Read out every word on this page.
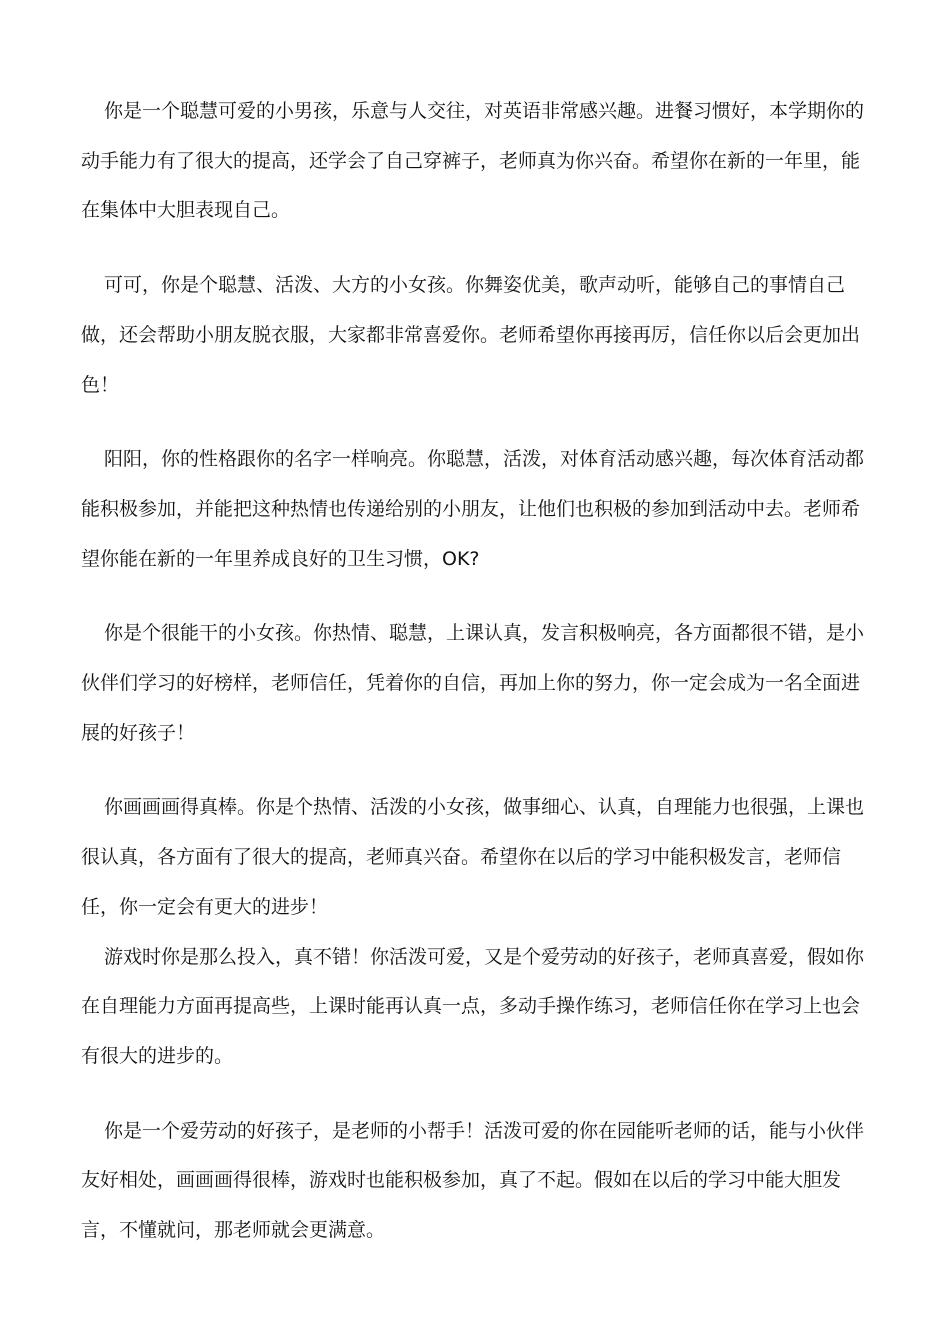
你是一个聪慧可爱的小男孩，乐意与人交往，对英语非常感兴趣。进餐习惯好，本学期你的动手能力有了很大的提高，还学会了自己穿裤子，老师真为你兴奋。希望你在新的一年里，能在集体中大胆表现自己。

可可，你是个聪慧、活泼、大方的小女孩。你舞姿优美，歌声动听，能够自己的事情自己做，还会帮助小朋友脱衣服，大家都非常喜爱你。老师希望你再接再厉，信任你以后会更加出色！

阳阳，你的性格跟你的名字一样响亮。你聪慧，活泼，对体育活动感兴趣，每次体育活动都能积极参加，并能把这种热情也传递给别的小朋友，让他们也积极的参加到活动中去。老师希望你能在新的一年里养成良好的卫生习惯，OK?

你是个很能干的小女孩。你热情、聪慧，上课认真，发言积极响亮，各方面都很不错，是小伙伴们学习的好榜样，老师信任，凭着你的自信，再加上你的努力，你一定会成为一名全面进展的好孩子！

你画画画得真棒。你是个热情、活泼的小女孩，做事细心、认真，自理能力也很强，上课也很认真，各方面有了很大的提高，老师真兴奋。希望你在以后的学习中能积极发言，老师信任，你一定会有更大的进步！

游戏时你是那么投入，真不错！你活泼可爱，又是个爱劳动的好孩子，老师真喜爱，假如你在自理能力方面再提高些，上课时能再认真一点，多动手操作练习，老师信任你在学习上也会有很大的进步的。

你是一个爱劳动的好孩子，是老师的小帮手！活泼可爱的你在园能听老师的话，能与小伙伴友好相处，画画画得很棒，游戏时也能积极参加，真了不起。假如在以后的学习中能大胆发言，不懂就问，那老师就会更满意。
